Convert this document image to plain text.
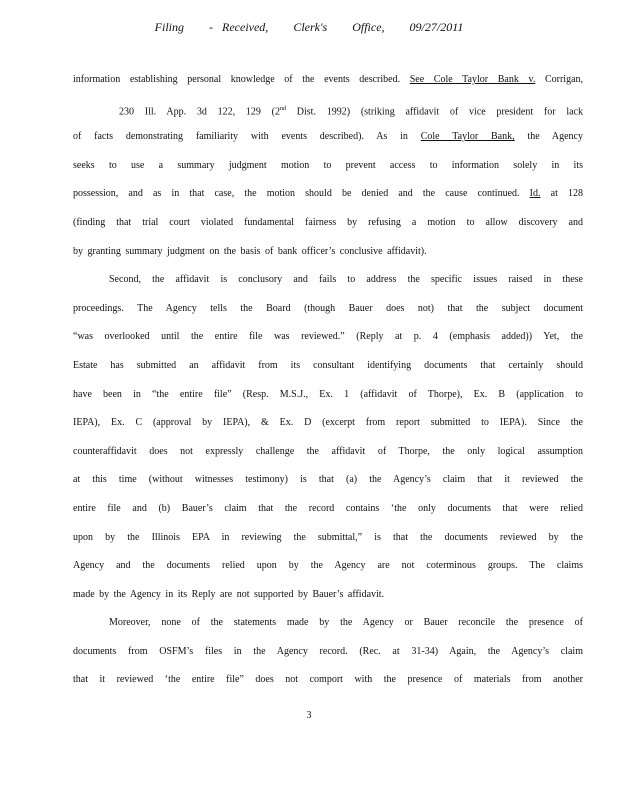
Filing - Received, Clerk's Office, 09/27/2011
information establishing personal knowledge of the events described. See Cole Taylor Bank v. Corrigan,
230 Ill. App. 3d 122, 129 (2nd Dist. 1992) (striking affidavit of vice president for lack
of facts demonstrating familiarity with events described). As in Cole Taylor Bank, the Agency
seeks to use a summary judgment motion to prevent access to information solely in its
possession, and as in that case, the motion should be denied and the cause continued. Id. at 128
(finding that trial court violated fundamental fairness by refusing a motion to allow discovery and
by granting summary judgment on the basis of bank officer’s conclusive affidavit).
Second, the affidavit is conclusory and fails to address the specific issues raised in these
proceedings. The Agency tells the Board (though Bauer does not) that the subject document
“was overlooked until the entire file was reviewed.” (Reply at p. 4 (emphasis added)) Yet, the
Estate has submitted an affidavit from its consultant identifying documents that certainly should
have been in “the entire file” (Resp. M.S.J., Ex. 1 (affidavit of Thorpe), Ex. B (application to
IEPA), Ex. C (approval by IEPA), & Ex. D (excerpt from report submitted to IEPA). Since the
counteraffidavit does not expressly challenge the affidavit of Thorpe, the only logical assumption
at this time (without witnesses testimony) is that (a) the Agency’s claim that it reviewed the
entire file and (b) Bauer’s claim that the record contains ‘the only documents that were relied
upon by the Illinois EPA in reviewing the submittal,” is that the documents reviewed by the
Agency and the documents relied upon by the Agency are not coterminous groups. The claims
made by the Agency in its Reply are not supported by Bauer’s affidavit.
Moreover, none of the statements made by the Agency or Bauer reconcile the presence of
documents from OSFM’s files in the Agency record. (Rec. at 31-34) Again, the Agency’s claim
that it reviewed ‘the entire file” does not comport with the presence of materials from another
3
